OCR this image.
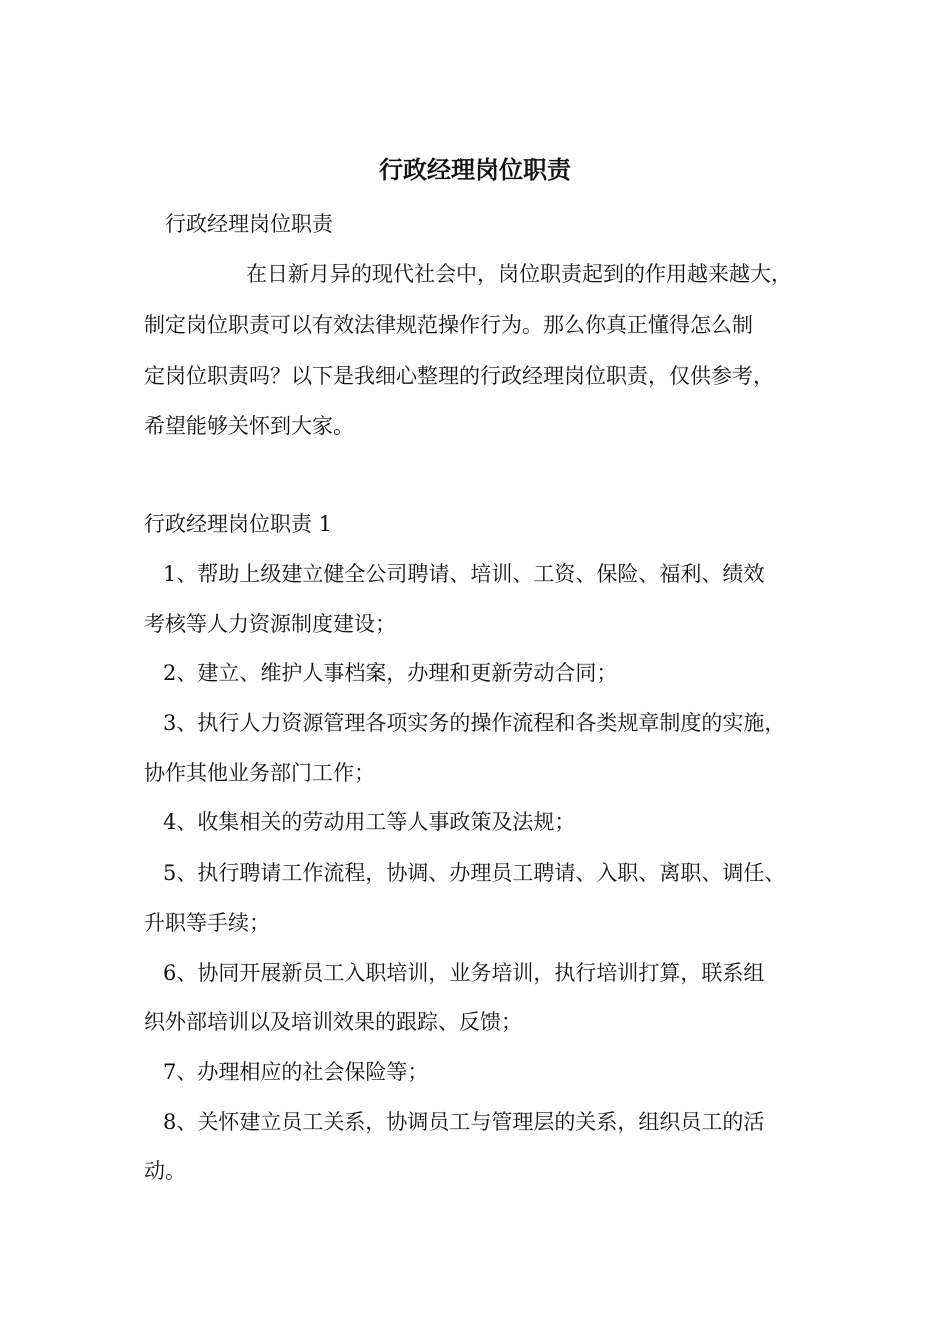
行政经理岗位职责

行政经理岗位职责

在日新月异的现代社会中，岗位职责起到的作用越来越大，

制定岗位职责可以有效法律规范操作行为。那么你真正懂得怎么制

定岗位职责吗？以下是我细心整理的行政经理岗位职责，仅供参考，

希望能够关怀到大家。

行政经理岗位职责 1

1、帮助上级建立健全公司聘请、培训、工资、保险、福利、绩效

考核等人力资源制度建设；

2、建立、维护人事档案，办理和更新劳动合同；

3、执行人力资源管理各项实务的操作流程和各类规章制度的实施，

协作其他业务部门工作；

4、收集相关的劳动用工等人事政策及法规；

5、执行聘请工作流程，协调、办理员工聘请、入职、离职、调任、

升职等手续；

6、协同开展新员工入职培训，业务培训，执行培训打算，联系组

织外部培训以及培训效果的跟踪、反馈；

7、办理相应的社会保险等；

8、关怀建立员工关系，协调员工与管理层的关系，组织员工的活

动。
